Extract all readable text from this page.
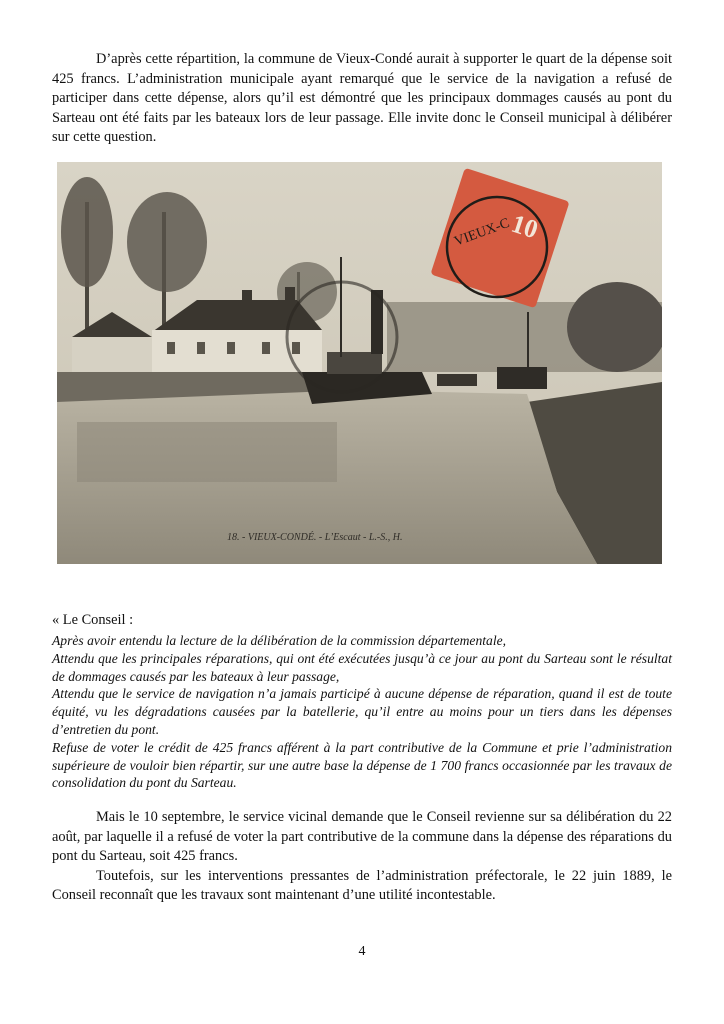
D’après cette répartition, la commune de Vieux-Condé aurait à supporter le quart de la dépense soit 425 francs. L’administration municipale ayant remarqué que le service de la navigation a refusé de participer dans cette dépense, alors qu’il est démontré que les principaux dommages causés au pont du Sarteau ont été faits par les bateaux lors de leur passage. Elle invite donc le Conseil municipal à délibérer sur cette question.

10
VIEUX-C
18. - VIEUX-CONDÉ. - L’Escaut - L.-S., H.

« Le Conseil :

Après avoir entendu la lecture de la délibération de la commission départementale,

Attendu que les principales réparations, qui ont été exécutées jusqu’à ce jour au pont du Sarteau sont le résultat de dommages causés par les bateaux à leur passage,

Attendu que le service de navigation n’a jamais participé à aucune dépense de réparation, quand il est de toute équité, vu les dégradations causées par la batellerie, qu’il entre au moins pour un tiers dans les dépenses d’entretien du pont.

Refuse de voter le crédit de 425 francs afférent à la part contributive de la Commune et prie l’administration supérieure de vouloir bien répartir, sur une autre base la dépense de 1 700 francs occasionnée par les travaux de consolidation du pont du Sarteau.

Mais le 10 septembre, le service vicinal demande que le Conseil revienne sur sa délibération du 22 août, par laquelle il a refusé de voter la part contributive de la commune dans la dépense des réparations du pont du Sarteau, soit 425 francs.

Toutefois, sur les interventions pressantes de l’administration préfectorale, le 22 juin 1889, le Conseil reconnaît que les travaux sont maintenant d’une utilité incontestable.

4
